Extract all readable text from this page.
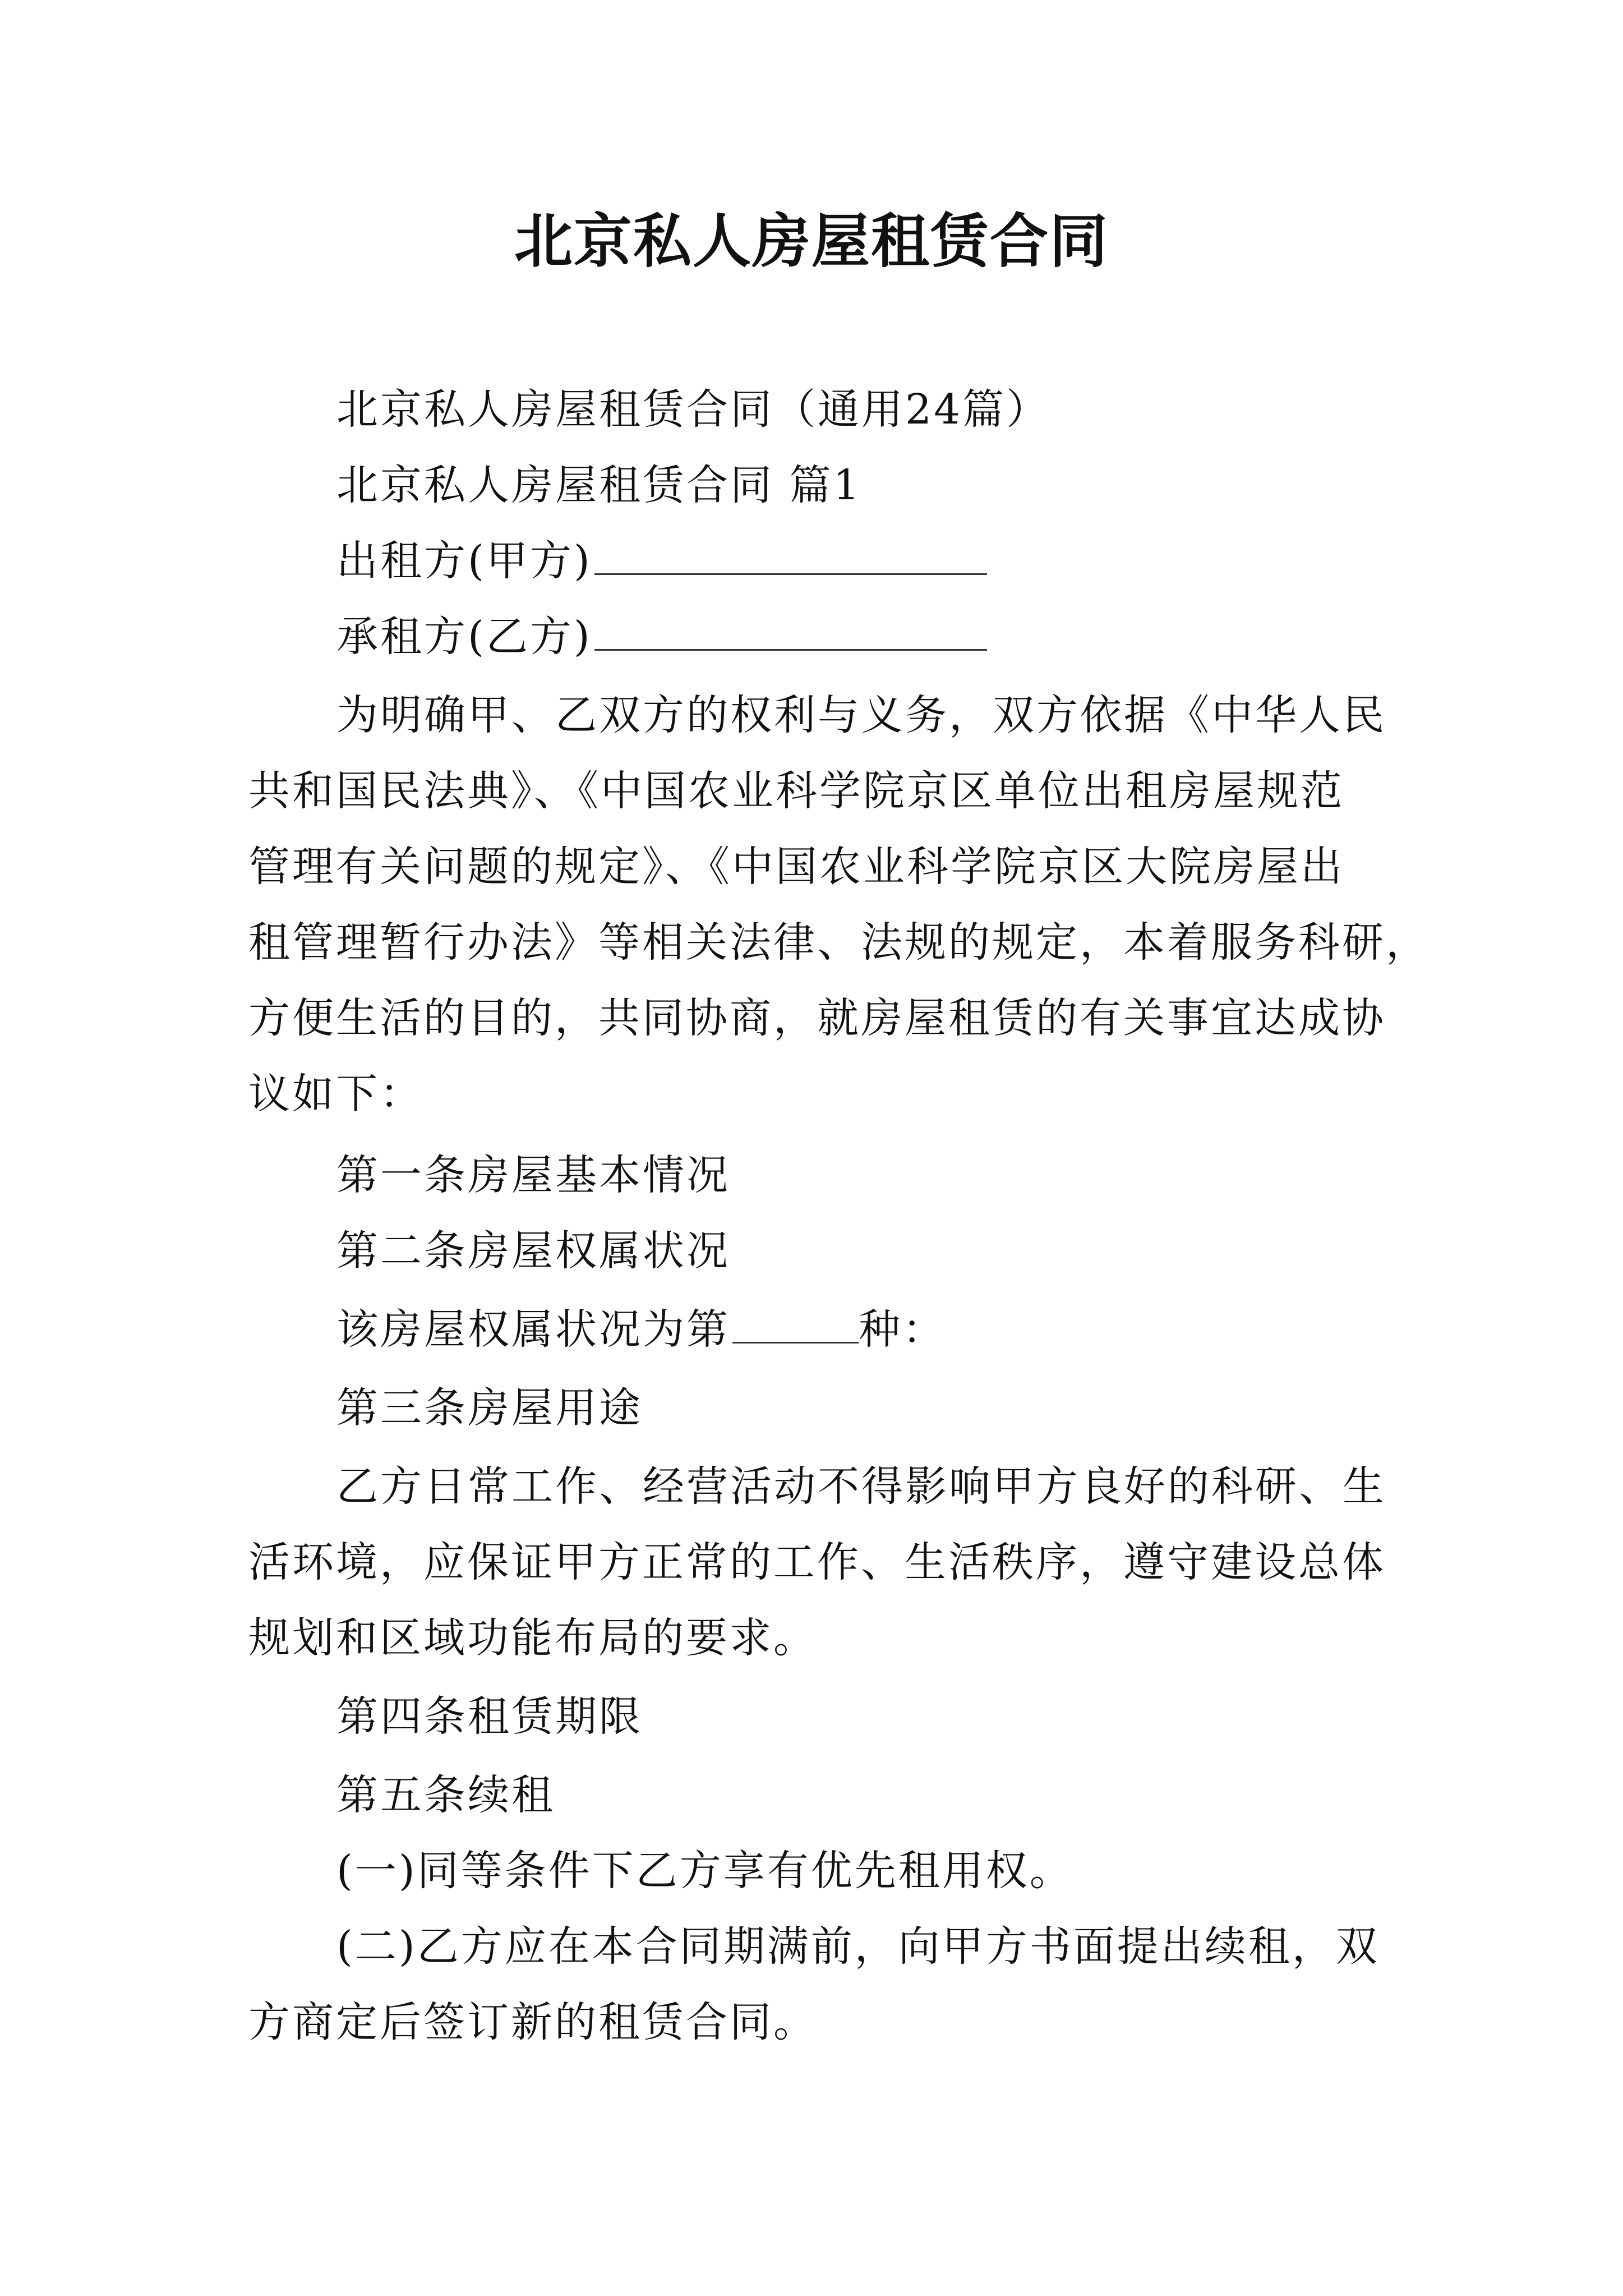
北京私人房屋租赁合同
北京私人房屋租赁合同（通用24篇）
北京私人房屋租赁合同 篇1
出租方(甲方)
承租方(乙方)
为明确甲、乙双方的权利与义务，双方依据《中华人民
共和国民法典》、《中国农业科学院京区单位出租房屋规范
管理有关问题的规定》、《中国农业科学院京区大院房屋出
租管理暂行办法》等相关法律、法规的规定，本着服务科研，
方便生活的目的，共同协商，就房屋租赁的有关事宜达成协
议如下：
第一条房屋基本情况
第二条房屋权属状况
该房屋权属状况为第	种：
第三条房屋用途
乙方日常工作、经营活动不得影响甲方良好的科研、生
活环境，应保证甲方正常的工作、生活秩序，遵守建设总体
规划和区域功能布局的要求。
第四条租赁期限
第五条续租
(一)同等条件下乙方享有优先租用权。
(二)乙方应在本合同期满前，向甲方书面提出续租，双
方商定后签订新的租赁合同。
